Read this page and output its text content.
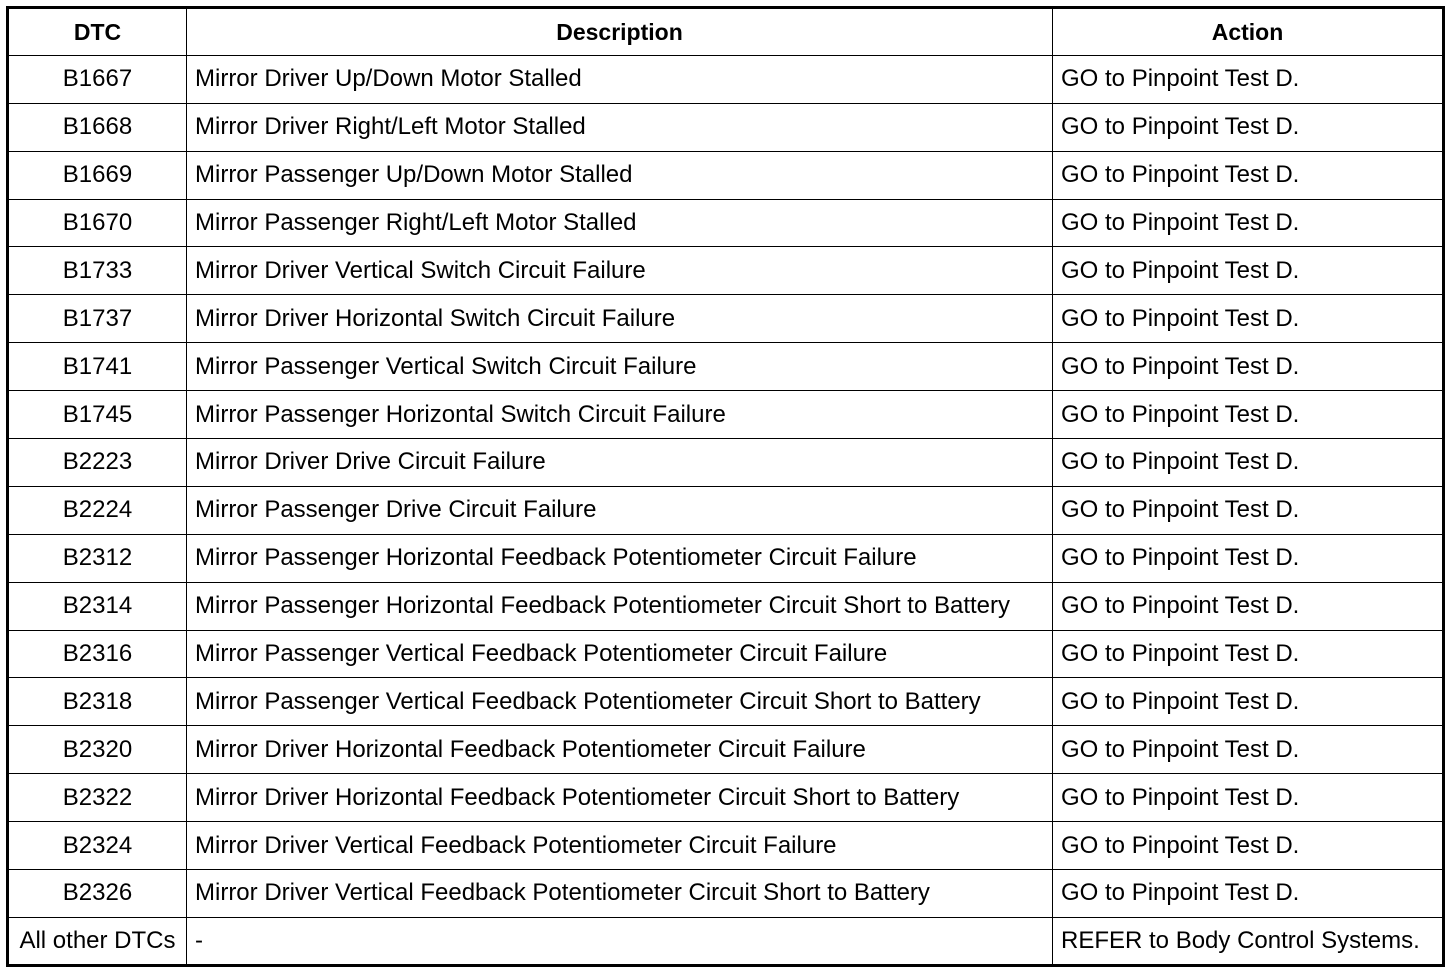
DTC	Description	Action
B1667	Mirror Driver Up/Down Motor Stalled	GO to Pinpoint Test D.
B1668	Mirror Driver Right/Left Motor Stalled	GO to Pinpoint Test D.
B1669	Mirror Passenger Up/Down Motor Stalled	GO to Pinpoint Test D.
B1670	Mirror Passenger Right/Left Motor Stalled	GO to Pinpoint Test D.
B1733	Mirror Driver Vertical Switch Circuit Failure	GO to Pinpoint Test D.
B1737	Mirror Driver Horizontal Switch Circuit Failure	GO to Pinpoint Test D.
B1741	Mirror Passenger Vertical Switch Circuit Failure	GO to Pinpoint Test D.
B1745	Mirror Passenger Horizontal Switch Circuit Failure	GO to Pinpoint Test D.
B2223	Mirror Driver Drive Circuit Failure	GO to Pinpoint Test D.
B2224	Mirror Passenger Drive Circuit Failure	GO to Pinpoint Test D.
B2312	Mirror Passenger Horizontal Feedback Potentiometer Circuit Failure	GO to Pinpoint Test D.
B2314	Mirror Passenger Horizontal Feedback Potentiometer Circuit Short to Battery	GO to Pinpoint Test D.
B2316	Mirror Passenger Vertical Feedback Potentiometer Circuit Failure	GO to Pinpoint Test D.
B2318	Mirror Passenger Vertical Feedback Potentiometer Circuit Short to Battery	GO to Pinpoint Test D.
B2320	Mirror Driver Horizontal Feedback Potentiometer Circuit Failure	GO to Pinpoint Test D.
B2322	Mirror Driver Horizontal Feedback Potentiometer Circuit Short to Battery	GO to Pinpoint Test D.
B2324	Mirror Driver Vertical Feedback Potentiometer Circuit Failure	GO to Pinpoint Test D.
B2326	Mirror Driver Vertical Feedback Potentiometer Circuit Short to Battery	GO to Pinpoint Test D.
All other DTCs	-	REFER to Body Control Systems.
